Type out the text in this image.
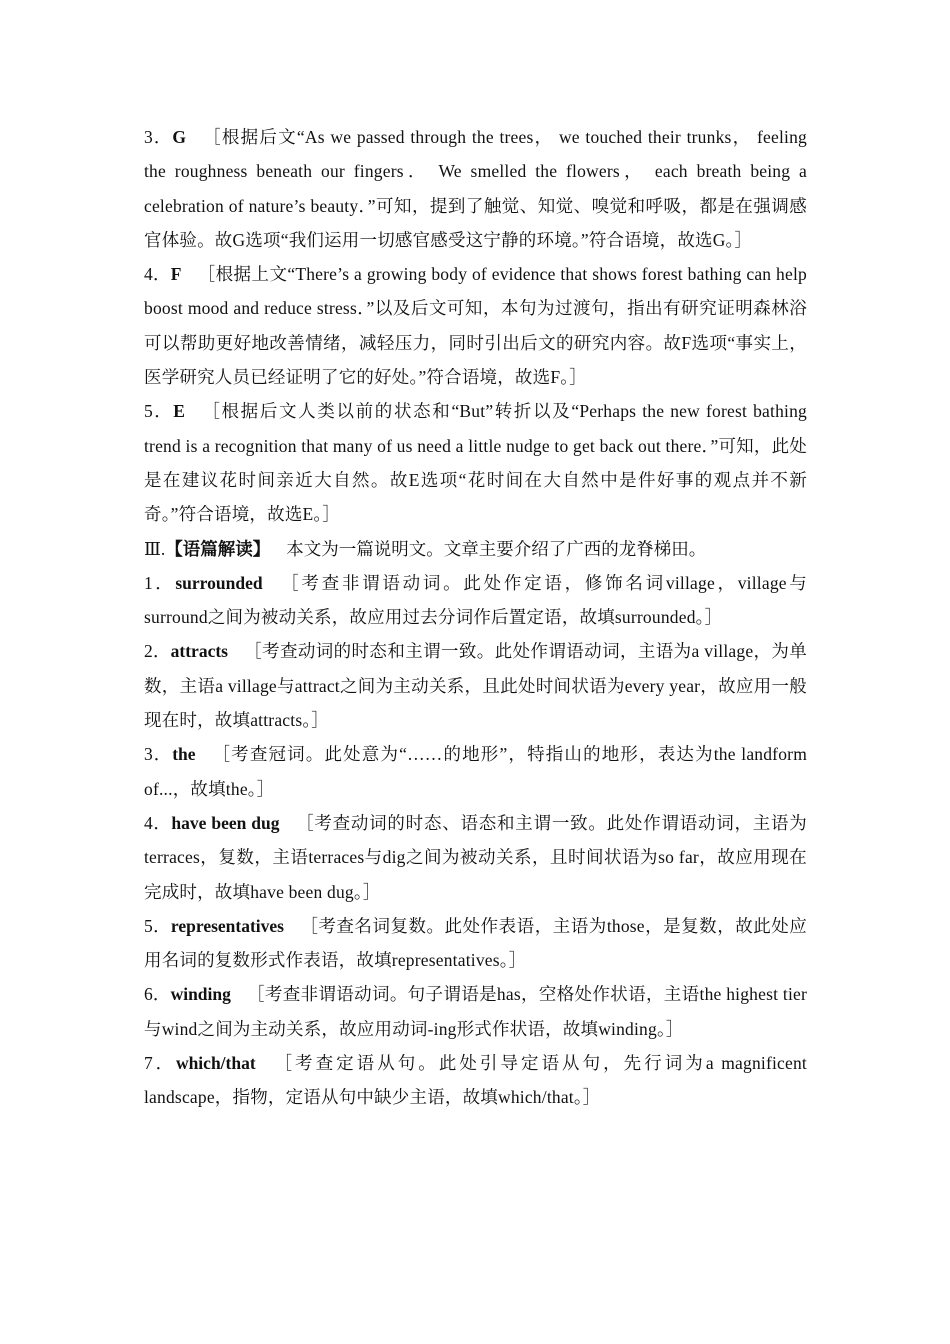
3．G ［根据后文“As we passed through the trees， we touched their trunks， feeling the roughness beneath our fingers． We smelled the flowers， each breath being a celebration of nature’s beauty．”可知，提到了触觉、知觉、嗅觉和呼吸，都是在强调感官体验。故G选项“我们运用一切感官感受这宁静的环境。”符合语境，故选G。］

4．F ［根据上文“There’s a growing body of evidence that shows forest bathing can help boost mood and reduce stress．”以及后文可知，本句为过渡句，指出有研究证明森林浴可以帮助更好地改善情绪，减轻压力，同时引出后文的研究内容。故F选项“事实上，医学研究人员已经证明了它的好处。”符合语境，故选F。］

5．E ［根据后文人类以前的状态和“But”转折以及“Perhaps the new forest bathing trend is a recognition that many of us need a little nudge to get back out there．”可知，此处是在建议花时间亲近大自然。故E选项“花时间在大自然中是件好事的观点并不新奇。”符合语境，故选E。］

Ⅲ.【语篇解读】 本文为一篇说明文。文章主要介绍了广西的龙脊梯田。

1．surrounded ［考查非谓语动词。此处作定语，修饰名词village，village与surround之间为被动关系，故应用过去分词作后置定语，故填surrounded。］

2．attracts ［考查动词的时态和主谓一致。此处作谓语动词，主语为a village，为单数，主语a village与attract之间为主动关系，且此处时间状语为every year，故应用一般现在时，故填attracts。］

3．the ［考查冠词。此处意为“……的地形”，特指山的地形，表达为the landform of...，故填the。］

4．have been dug ［考查动词的时态、语态和主谓一致。此处作谓语动词，主语为terraces，复数，主语terraces与dig之间为被动关系，且时间状语为so far，故应用现在完成时，故填have been dug。］

5．representatives ［考查名词复数。此处作表语，主语为those，是复数，故此处应用名词的复数形式作表语，故填representatives。］

6．winding ［考查非谓语动词。句子谓语是has，空格处作状语，主语the highest tier与wind之间为主动关系，故应用动词-ing形式作状语，故填winding。］

7．which/that ［考查定语从句。此处引导定语从句，先行词为a magnificent landscape，指物，定语从句中缺少主语，故填which/that。］
